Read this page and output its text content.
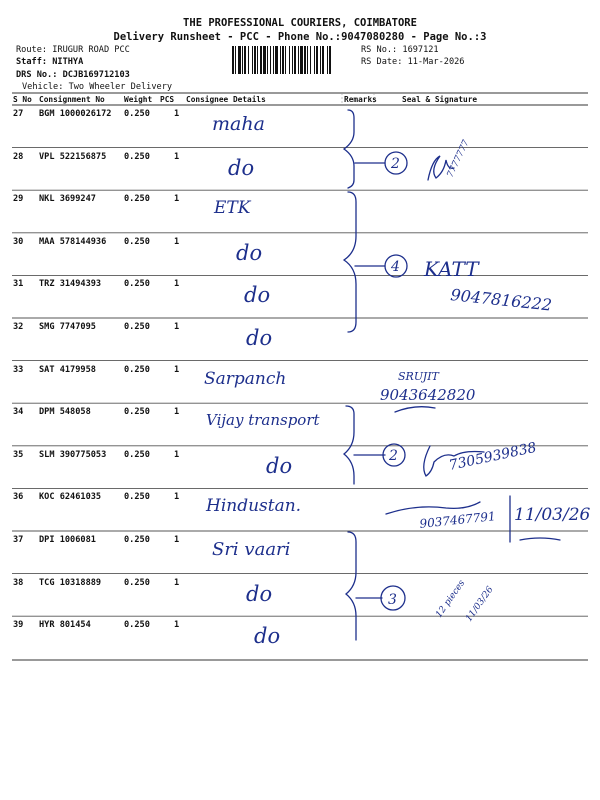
THE PROFESSIONAL COURIERS, COIMBATORE
Delivery Runsheet - PCC - Phone No.:9047080280 - Page No.:3
Route: IRUGUR ROAD PCC
Staff: NITHYA
DRS No.: DCJB169712103
Vehicle: Two Wheeler Delivery
RS No.: 1697121
RS Date: 11-Mar-2026
S No Consignment No Weight PCS Consignee Details	Remarks	Seal & Signature
27 BGM 1000026172 0.250	1 maha
28 VPL 522156875 0.250	1 do
29 NKL 3699247	0.250	1 ETK
30 MAA 578144936 0.250	1	do
31 TRZ 31494393	0.250	1	do
32 SMG 7747095	0.250	1	do
33 SAT 4179958	0.250	1 Sarpanch
34 DPM 548058	0.250	1 Vijay transport
35 SLM 390775053 0.250	1	do
36 KOC 62461035	0.250	1 Hindustan.
37 DPI 1006081	0.250	1 Sri vaari
38 TCG 10318889	0.250	1	do
39 HYR 801454	0.250	1	do
2
4
2
3
7777777
KATT
9047816222
SRUJIT
9043642820
7305939838
9037467791 11/03/26
12 pieces
11/03/26
